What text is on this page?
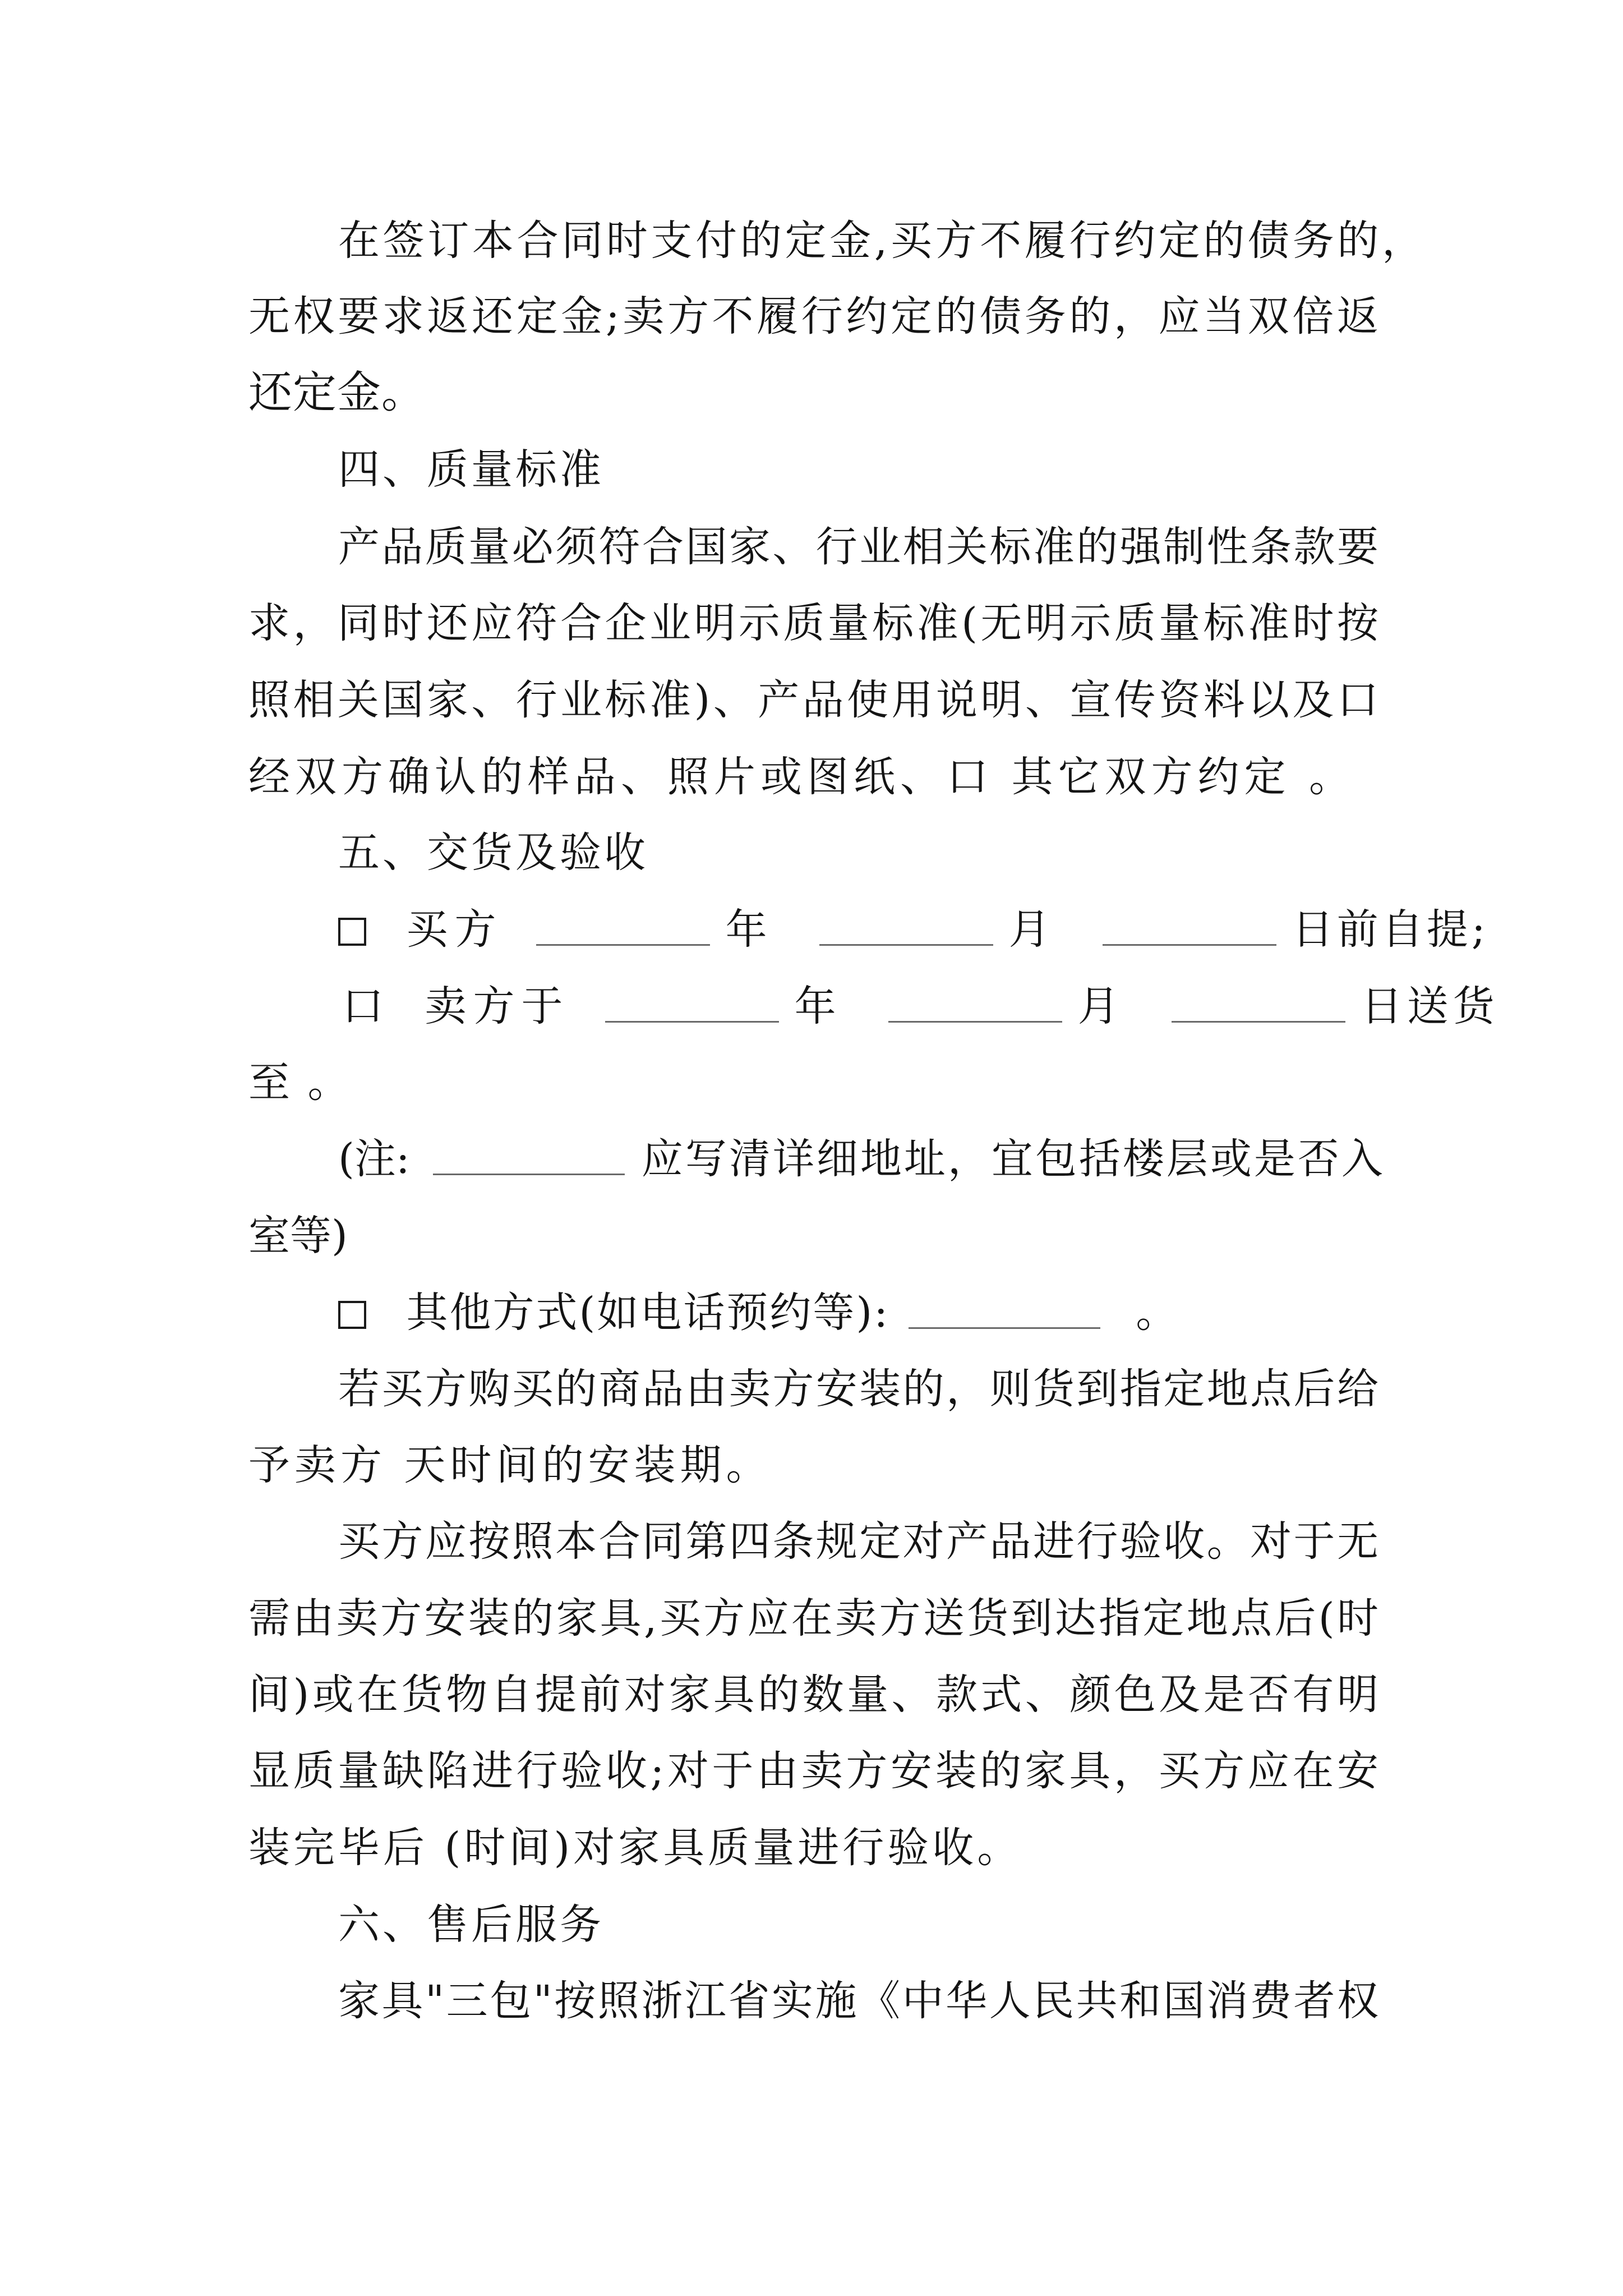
在签订本合同时支付的定金,买方不履行约定的债务的，

无权要求返还定金;卖方不履行约定的债务的，应当双倍返

还定金。

四、质量标准

产品质量必须符合国家、行业相关标准的强制性条款要

求，同时还应符合企业明示质量标准(无明示质量标准时按

照相关国家、行业标准)、产品使用说明、宣传资料以及口

经双方确认的样品、照片或图纸、口 其它双方约定 。

五、交货及验收

买方	年	月	日前自提;
口 卖方于	年	月	日送货

至 。

(注:	应写清详细地址，宜包括楼层或是否入

室等)

其他方式(如电话预约等):	。

若买方购买的商品由卖方安装的，则货到指定地点后给

予卖方 天时间的安装期。

买方应按照本合同第四条规定对产品进行验收。对于无

需由卖方安装的家具,买方应在卖方送货到达指定地点后(时

间)或在货物自提前对家具的数量、款式、颜色及是否有明

显质量缺陷进行验收;对于由卖方安装的家具，买方应在安

装完毕后 (时间)对家具质量进行验收。

六、售后服务

家具"三包"按照浙江省实施《中华人民共和国消费者权
